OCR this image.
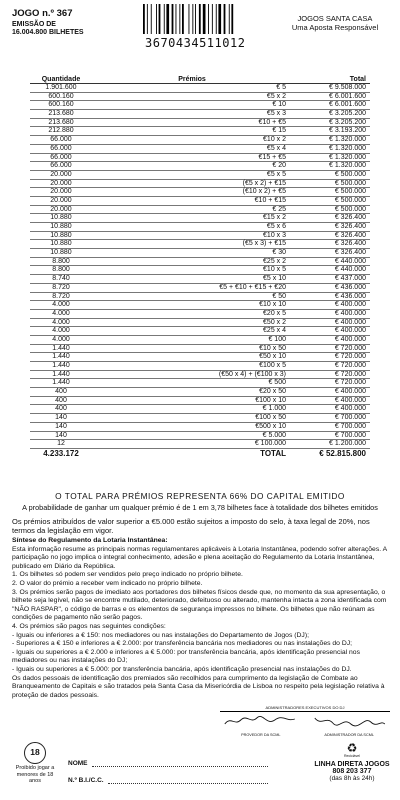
JOGO n.º 367
EMISSÃO DE
16.004.800 BILHETES
3670434511012
JOGOS SANTA CASA
Uma Aposta Responsável
Quantidade	Prémios	Total
1.901.600	€ 5	€ 9.508.000
600.160	€5 x 2	€ 6.001.600
600.160	€ 10	€ 6.001.600
213.680	€5 x 3	€ 3.205.200
213.680	€10 + €5	€ 3.205.200
212.880	€ 15	€ 3.193.200
66.000	€10 x 2	€ 1.320.000
66.000	€5 x 4	€ 1.320.000
66.000	€15 + €5	€ 1.320.000
66.000	€ 20	€ 1.320.000
20.000	€5 x 5	€ 500.000
20.000	(€5 x 2) + €15	€ 500.000
20.000	(€10 x 2) + €5	€ 500.000
20.000	€10 + €15	€ 500.000
20.000	€ 25	€ 500.000
10.880	€15 x 2	€ 326.400
10.880	€5 x 6	€ 326.400
10.880	€10 x 3	€ 326.400
10.880	(€5 x 3) + €15	€ 326.400
10.880	€ 30	€ 326.400
8.800	€25 x 2	€ 440.000
8.800	€10 x 5	€ 440.000
8.740	€5 x 10	€ 437.000
8.720	€5 + €10 + €15 + €20	€ 436.000
8.720	€ 50	€ 436.000
4.000	€10 x 10	€ 400.000
4.000	€20 x 5	€ 400.000
4.000	€50 x 2	€ 400.000
4.000	€25 x 4	€ 400.000
4.000	€ 100	€ 400.000
1.440	€10 x 50	€ 720.000
1.440	€50 x 10	€ 720.000
1.440	€100 x 5	€ 720.000
1.440	(€50 x 4) + (€100 x 3)	€ 720.000
1.440	€ 500	€ 720.000
400	€20 x 50	€ 400.000
400	€100 x 10	€ 400.000
400	€ 1.000	€ 400.000
140	€100 x 50	€ 700.000
140	€500 x 10	€ 700.000
140	€ 5.000	€ 700.000
12	€ 100.000	€ 1.200.000
4.233.172	TOTAL	€ 52.815.800
O TOTAL PARA PRÉMIOS REPRESENTA 66% DO CAPITAL EMITIDO
A probabilidade de ganhar um qualquer prémio é de 1 em 3,78 bilhetes face à totalidade dos bilhetes emitidos
Os prémios atribuídos de valor superior a €5.000 estão sujeitos a imposto do selo, à taxa legal de 20%, nos termos da legislação em vigor.
Síntese do Regulamento da Lotaria Instantânea:
Esta informação resume as principais normas regulamentares aplicáveis à Lotaria Instantânea, podendo sofrer alterações. A participação no jogo implica o integral conhecimento, adesão e plena aceitação do Regulamento da Lotaria Instantânea, publicado em Diário da República.
1. Os bilhetes só podem ser vendidos pelo preço indicado no próprio bilhete.
2. O valor do prémio a receber vem indicado no próprio bilhete.
3. Os prémios serão pagos de imediato aos portadores dos bilhetes físicos desde que, no momento da sua apresentação, o bilhete seja legível, não se encontre mutilado, deteriorado, defeituoso ou alterado, mantenha intacta a zona identificada com "NÃO RASPAR", o código de barras e os elementos de segurança impressos no bilhete. Os bilhetes que não reúnam as condições de pagamento não serão pagos.
4. Os prémios são pagos nas seguintes condições:
- Iguais ou inferiores a € 150: nos mediadores ou nas instalações do Departamento de Jogos (DJ);
- Superiores a € 150 e inferiores a € 2.000: por transferência bancária nos mediadores ou nas instalações do DJ;
- Iguais ou superiores a € 2.000 e inferiores a € 5.000: por transferência bancária, após identificação presencial nos mediadores ou nas instalações do DJ;
- Iguais ou superiores a € 5.000: por transferência bancária, após identificação presencial nas instalações do DJ.
Os dados pessoais de identificação dos premiados são recolhidos para cumprimento da legislação de Combate ao Branqueamento de Capitais e são tratados pela Santa Casa da Misericórdia de Lisboa no respeito pela legislação relativa à proteção de dados pessoais.
ADMINISTRADORES EXECUTIVOS DO DJ
PROVEDOR DA SCML	ADMINISTRADOR DA SCML
18
Proibido jogar a menores de 18 anos
NOME
N.º B.I./C.C.
♻
Reciclável
LINHA DIRETA JOGOS
808 203 377
(das 8h às 24h)
